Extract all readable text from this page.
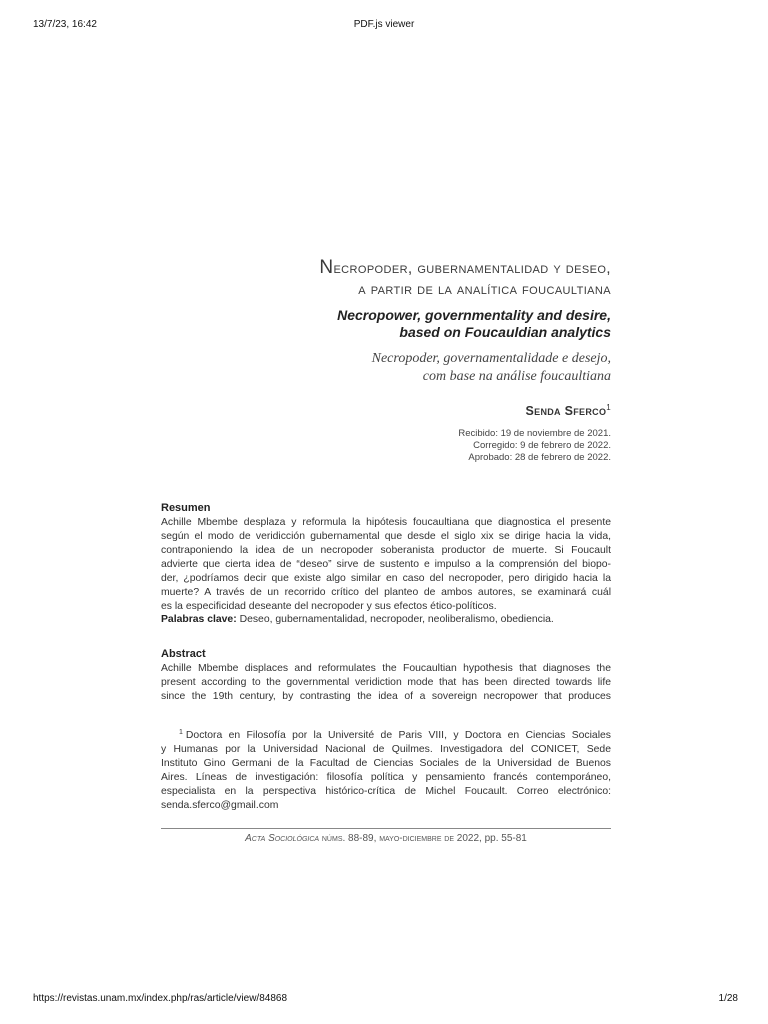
13/7/23, 16:42	PDF.js viewer
Necropoder, gubernamentalidad y deseo,
a partir de la analítica foucaultiana
Necropower, governmentality and desire,
based on Foucauldian analytics
Necropoder, governamentalidade e desejo,
com base na análise foucaultiana
Senda Sferco$^1$
Recibido: 19 de noviembre de 2021.
Corregido: 9 de febrero de 2022.
Aprobado: 28 de febrero de 2022.
Resumen
Achille Mbembe desplaza y reformula la hipótesis foucaultiana que diagnostica el presente
según el modo de veridicción gubernamental que desde el siglo xix se dirige hacia la vida,
contraponiendo la idea de un necropoder soberanista productor de muerte. Si Foucault
advierte que cierta idea de “deseo” sirve de sustento e impulso a la comprensión del biopo-
der, ¿podríamos decir que existe algo similar en caso del necropoder, pero dirigido hacia la
muerte? A través de un recorrido crítico del planteo de ambos autores, se examinará cuál
es la especificidad deseante del necropoder y sus efectos ético-políticos.
Palabras clave: Deseo, gubernamentalidad, necropoder, neoliberalismo, obediencia.
Abstract
Achille Mbembe displaces and reformulates the Foucaultian hypothesis that diagnoses the
present according to the governmental veridiction mode that has been directed towards life
since the 19th century, by contrasting the idea of a sovereign necropower that produces
$^1$ Doctora en Filosofía por la Université de Paris VIII, y Doctora en Ciencias Sociales
y Humanas por la Universidad Nacional de Quilmes. Investigadora del CONICET, Sede
Instituto Gino Germani de la Facultad de Ciencias Sociales de la Universidad de Buenos
Aires. Líneas de investigación: filosofía política y pensamiento francés contemporáneo,
especialista en la perspectiva histórico-crítica de Michel Foucault. Correo electrónico:
senda.sferco@gmail.com
Acta Sociológica núms. 88-89, mayo-diciembre de 2022, pp. 55-81
https://revistas.unam.mx/index.php/ras/article/view/84868	1/28
